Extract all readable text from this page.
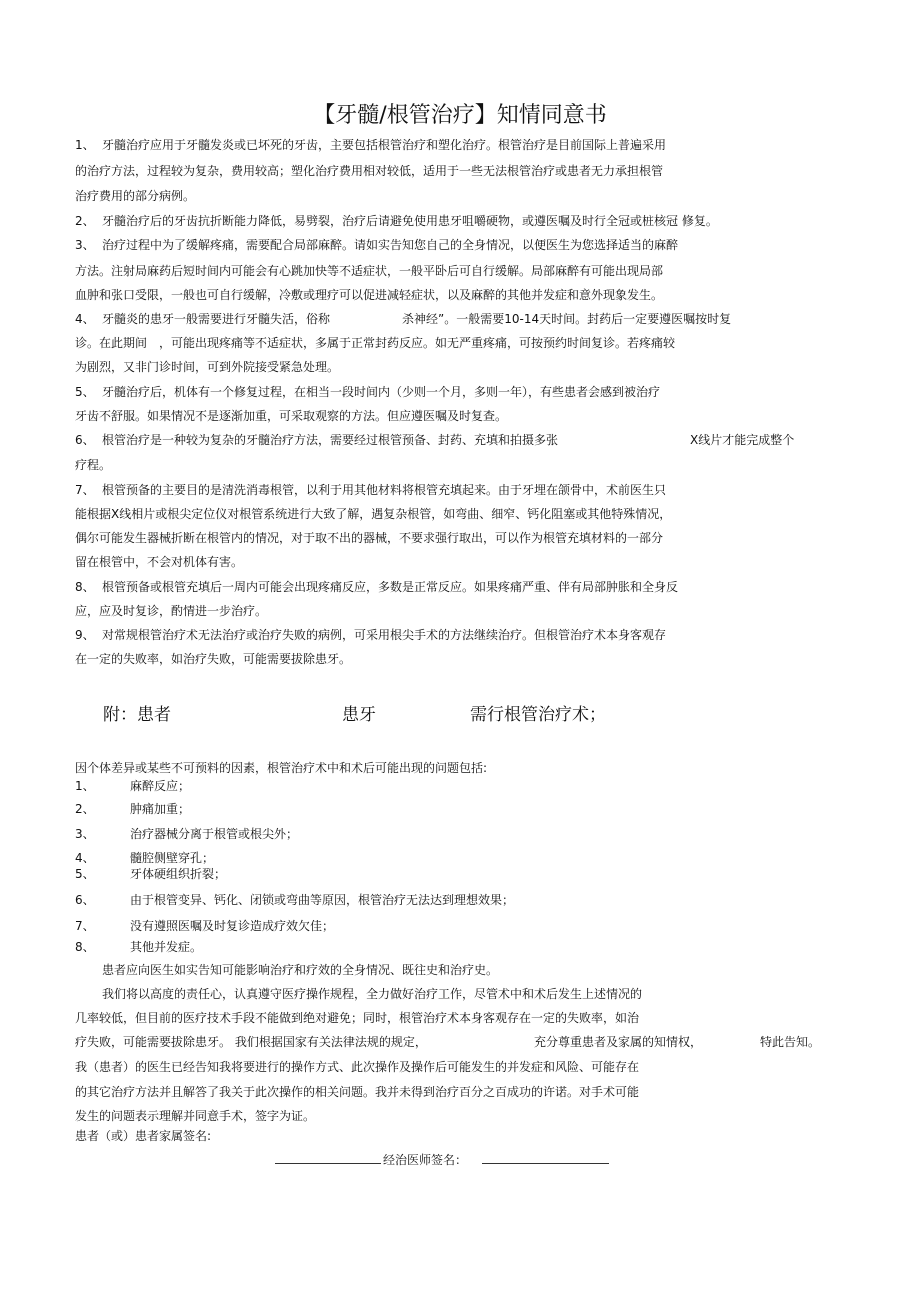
【牙髓/根管治疗】知情同意书
1、 牙髓治疗应用于牙髓发炎或已坏死的牙齿，主要包括根管治疗和塑化治疗。根管治疗是目前国际上普遍采用
的治疗方法，过程较为复杂，费用较高；塑化治疗费用相对较低，适用于一些无法根管治疗或患者无力承担根管
治疗费用的部分病例。
2、 牙髓治疗后的牙齿抗折断能力降低，易劈裂，治疗后请避免使用患牙咀嚼硬物，或遵医嘱及时行全冠或桩核冠 修复。
3、 治疗过程中为了缓解疼痛，需要配合局部麻醉。请如实告知您自己的全身情况，以便医生为您选择适当的麻醉
方法。注射局麻药后短时间内可能会有心跳加快等不适症状，一般平卧后可自行缓解。局部麻醉有可能出现局部
血肿和张口受限，一般也可自行缓解，冷敷或理疗可以促进减轻症状，以及麻醉的其他并发症和意外现象发生。
4、 牙髓炎的患牙一般需要进行牙髓失活，俗称	杀神经”。一般需要10-14天时间。封药后一定要遵医嘱按时复
诊。在此期间 ，可能出现疼痛等不适症状，多属于正常封药反应。如无严重疼痛，可按预约时间复诊。若疼痛较
为剧烈，又非门诊时间，可到外院接受紧急处理。
5、 牙髓治疗后，机体有一个修复过程，在相当一段时间内（少则一个月，多则一年），有些患者会感到被治疗
牙齿不舒服。如果情况不是逐渐加重，可采取观察的方法。但应遵医嘱及时复查。
6、 根管治疗是一种较为复杂的牙髓治疗方法，需要经过根管预备、封药、充填和拍摄多张	X线片才能完成整个
疗程。
7、 根管预备的主要目的是清洗消毒根管，以利于用其他材料将根管充填起来。由于牙埋在颌骨中，术前医生只
能根据X线相片或根尖定位仪对根管系统进行大致了解，遇复杂根管，如弯曲、细窄、钙化阻塞或其他特殊情况，
偶尔可能发生器械折断在根管内的情况，对于取不出的器械，不要求强行取出，可以作为根管充填材料的一部分
留在根管中，不会对机体有害。
8、 根管预备或根管充填后一周内可能会出现疼痛反应，多数是正常反应。如果疼痛严重、伴有局部肿胀和全身反
应，应及时复诊，酌情进一步治疗。
9、 对常规根管治疗术无法治疗或治疗失败的病例，可采用根尖手术的方法继续治疗。但根管治疗术本身客观存
在一定的失败率，如治疗失败，可能需要拔除患牙。
附：患者	患牙	需行根管治疗术；
因个体差异或某些不可预料的因素，根管治疗术中和术后可能出现的问题包括:
1、	麻醉反应；
2、	肿痛加重；
3、	治疗器械分离于根管或根尖外；
4、	髓腔侧壁穿孔；
5、	牙体硬组织折裂；
6、	由于根管变异、钙化、闭锁或弯曲等原因，根管治疗无法达到理想效果；
7、	没有遵照医嘱及时复诊造成疗效欠佳；
8、	其他并发症。
患者应向医生如实告知可能影响治疗和疗效的全身情况、既往史和治疗史。
我们将以高度的责任心，认真遵守医疗操作规程，全力做好治疗工作，尽管术中和术后发生上述情况的
几率较低，但目前的医疗技术手段不能做到绝对避免；同时，根管治疗术本身客观存在一定的失败率，如治
疗失败，可能需要拔除患牙。 我们根据国家有关法律法规的规定，	充分尊重患者及家属的知情权，	特此告知。
我（患者）的医生已经告知我将要进行的操作方式、此次操作及操作后可能发生的并发症和风险、可能存在
的其它治疗方法并且解答了我关于此次操作的相关问题。我并未得到治疗百分之百成功的许诺。对手术可能
发生的问题表示理解并同意手术，签字为证。
患者（或）患者家属签名:
经治医师签名：
